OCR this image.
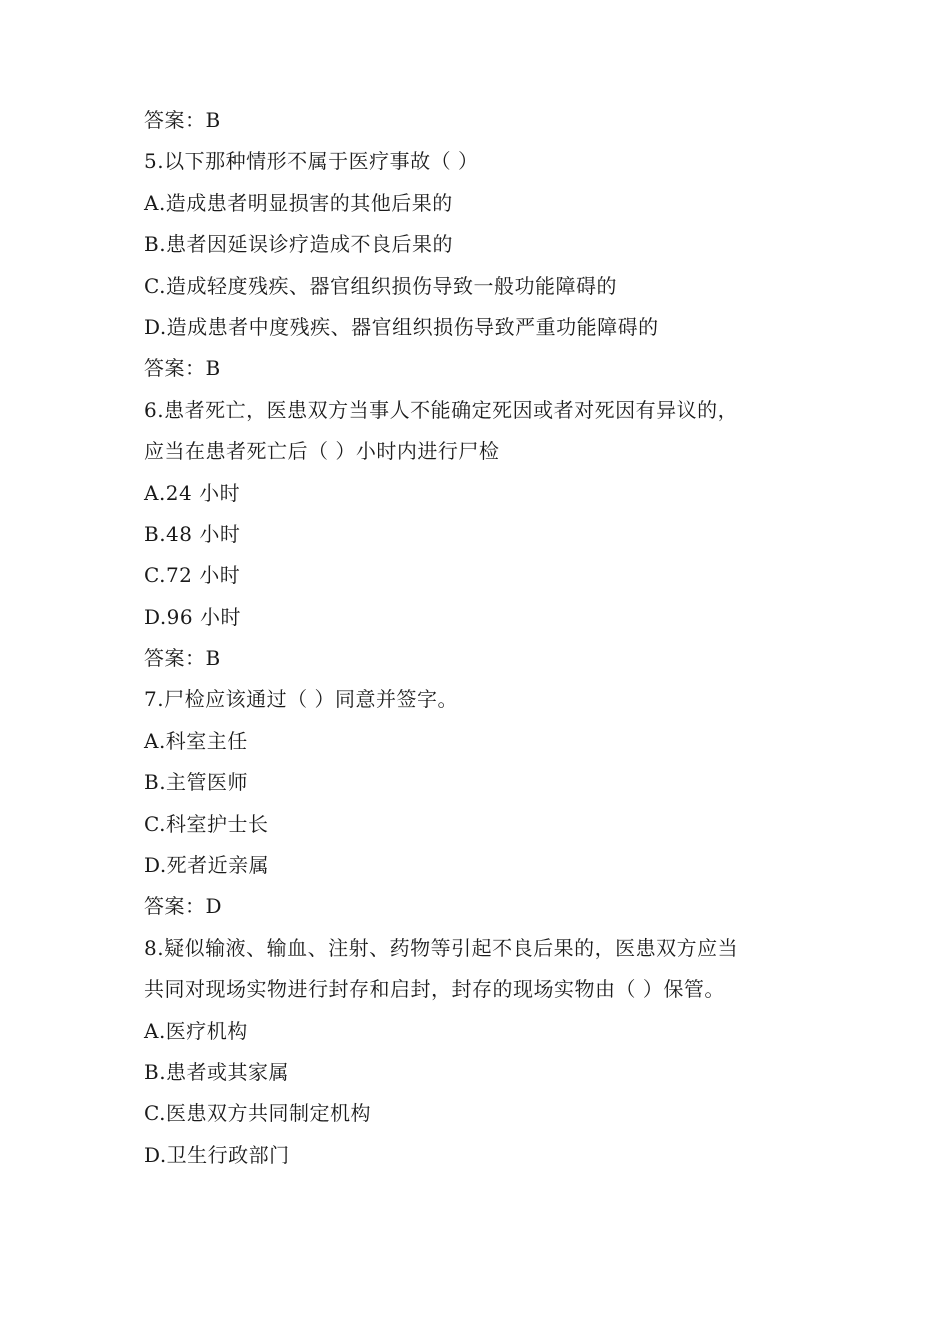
答案：B
5.以下那种情形不属于医疗事故（ ）
A.造成患者明显损害的其他后果的
B.患者因延误诊疗造成不良后果的
C.造成轻度残疾、器官组织损伤导致一般功能障碍的
D.造成患者中度残疾、器官组织损伤导致严重功能障碍的
答案：B
6.患者死亡，医患双方当事人不能确定死因或者对死因有异议的，
应当在患者死亡后（ ）小时内进行尸检
A.24 小时
B.48 小时
C.72 小时
D.96 小时
答案：B
7.尸检应该通过（ ）同意并签字。
A.科室主任
B.主管医师
C.科室护士长
D.死者近亲属
答案：D
8.疑似输液、输血、注射、药物等引起不良后果的，医患双方应当
共同对现场实物进行封存和启封，封存的现场实物由（ ）保管。
A.医疗机构
B.患者或其家属
C.医患双方共同制定机构
D.卫生行政部门
